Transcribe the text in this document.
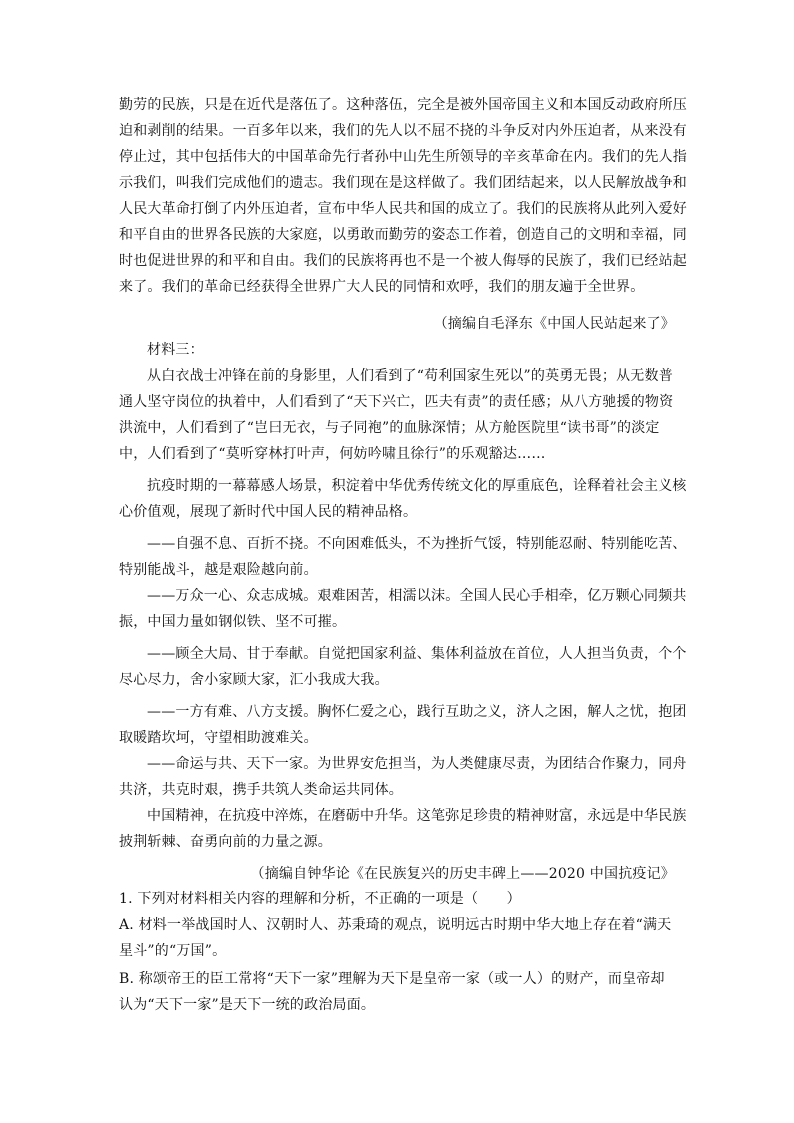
勤劳的民族，只是在近代是落伍了。这种落伍，完全是被外国帝国主义和本国反动政府所压
迫和剥削的结果。一百多年以来，我们的先人以不屈不挠的斗争反对内外压迫者，从来没有
停止过，其中包括伟大的中国革命先行者孙中山先生所领导的辛亥革命在内。我们的先人指
示我们，叫我们完成他们的遗志。我们现在是这样做了。我们团结起来，以人民解放战争和
人民大革命打倒了内外压迫者，宣布中华人民共和国的成立了。我们的民族将从此列入爱好
和平自由的世界各民族的大家庭，以勇敢而勤劳的姿态工作着，创造自己的文明和幸福，同
时也促进世界的和平和自由。我们的民族将再也不是一个被人侮辱的民族了，我们已经站起
来了。我们的革命已经获得全世界广大人民的同情和欢呼，我们的朋友遍于全世界。
（摘编自毛泽东《中国人民站起来了》
材料三：
从白衣战士冲锋在前的身影里，人们看到了“苟利国家生死以”的英勇无畏；从无数普
通人坚守岗位的执着中，人们看到了“天下兴亡，匹夫有责”的责任感；从八方驰援的物资
洪流中，人们看到了“岂曰无衣，与子同袍”的血脉深情；从方舱医院里“读书哥”的淡定
中，人们看到了“莫听穿林打叶声，何妨吟啸且徐行”的乐观豁达……
抗疫时期的一幕幕感人场景，积淀着中华优秀传统文化的厚重底色，诠释着社会主义核
心价值观，展现了新时代中国人民的精神品格。
——自强不息、百折不挠。不向困难低头，不为挫折气馁，特别能忍耐、特别能吃苦、
特别能战斗，越是艰险越向前。
——万众一心、众志成城。艰难困苦，相濡以沫。全国人民心手相牵，亿万颗心同频共
振，中国力量如钢似铁、坚不可摧。
——顾全大局、甘于奉献。自觉把国家利益、集体利益放在首位，人人担当负责，个个
尽心尽力，舍小家顾大家，汇小我成大我。
——一方有难、八方支援。胸怀仁爱之心，践行互助之义，济人之困，解人之忧，抱团
取暖踏坎坷，守望相助渡难关。
——命运与共、天下一家。为世界安危担当，为人类健康尽责，为团结合作聚力，同舟
共济，共克时艰，携手共筑人类命运共同体。
中国精神，在抗疫中淬炼，在磨砺中升华。这笔弥足珍贵的精神财富，永远是中华民族
披荆斩棘、奋勇向前的力量之源。
（摘编自钟华论《在民族复兴的历史丰碑上——2020 中国抗疫记》
1. 下列对材料相关内容的理解和分析，不正确的一项是（　　）
A. 材料一举战国时人、汉朝时人、苏秉琦的观点，说明远古时期中华大地上存在着“满天
星斗”的“万国”。
B. 称颂帝王的臣工常将“天下一家”理解为天下是皇帝一家（或一人）的财产，而皇帝却
认为“天下一家”是天下一统的政治局面。
